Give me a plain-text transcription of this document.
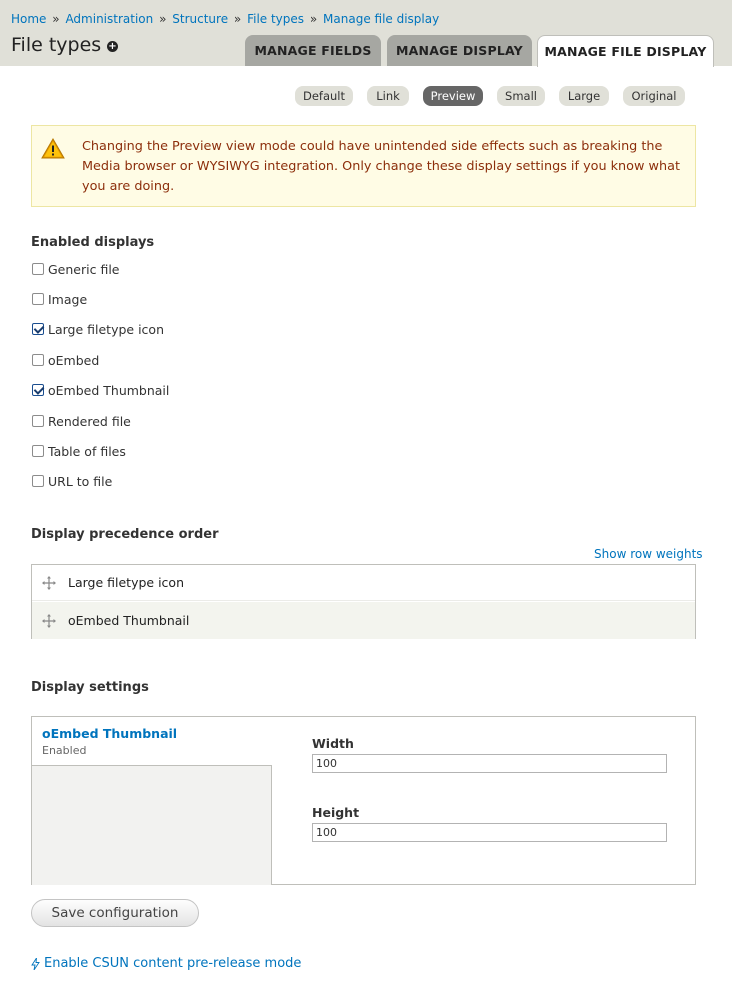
Home » Administration » Structure » File types » Manage file display
File types +	MANAGE FIELDS	MANAGE DISPLAY	MANAGE FILE DISPLAY
Default	Link	Preview	Small	Large	Original
Changing the Preview view mode could have unintended side effects such as breaking the Media browser or WYSIWYG integration. Only change these display settings if you know what you are doing.
Enabled displays
Generic file
Image
Large filetype icon
oEmbed
oEmbed Thumbnail
Rendered file
Table of files
URL to file
Display precedence order
Show row weights
Large filetype icon
oEmbed Thumbnail
Display settings
oEmbed Thumbnail
Enabled	Width
100
Height
100
Save configuration
Enable CSUN content pre-release mode
